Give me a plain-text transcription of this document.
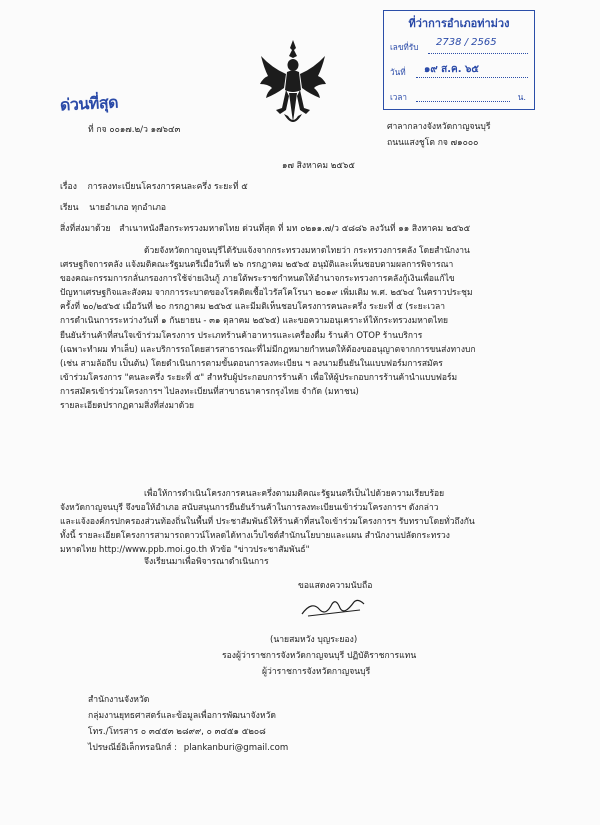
ที่ว่าการอำเภอท่าม่วง
เลขที่รับ 2738 / 2565
วันที่ ๑๙ ส.ค. ๖๕
เวลา	น.
ด่วนที่สุด
ที่ กจ ๐๐๑๗.๒/ว ๑๗๖๔๓	ศาลากลางจังหวัดกาญจนบุรี
ถนนแสงชูโต กจ ๗๑๐๐๐
๑๗ สิงหาคม ๒๕๖๕
เรื่อง การลงทะเบียนโครงการคนละครึ่ง ระยะที่ ๕
เรียน นายอำเภอ ทุกอำเภอ
สิ่งที่ส่งมาด้วย สำเนาหนังสือกระทรวงมหาดไทย ด่วนที่สุด ที่ มท ๐๒๑๑.๗/ว ๕๘๘๖ ลงวันที่ ๑๑ สิงหาคม ๒๕๖๕

ด้วยจังหวัดกาญจนบุรีได้รับแจ้งจากกระทรวงมหาดไทยว่า กระทรวงการคลัง โดยสำนักงาน

เศรษฐกิจการคลัง แจ้งมติคณะรัฐมนตรีเมื่อวันที่ ๒๖ กรกฎาคม ๒๕๖๕ อนุมัติและเห็นชอบตามผลการพิจารณา

ของคณะกรรมการกลั่นกรองการใช้จ่ายเงินกู้ ภายใต้พระราชกำหนดให้อำนาจกระทรวงการคลังกู้เงินเพื่อแก้ไข

ปัญหาเศรษฐกิจและสังคม จากการระบาดของโรคติดเชื้อไวรัสโคโรนา ๒๐๑๙ เพิ่มเติม พ.ศ. ๒๕๖๔ ในคราวประชุม

ครั้งที่ ๒๐/๒๕๖๕ เมื่อวันที่ ๒๐ กรกฎาคม ๒๕๖๕ และมีมติเห็นชอบโครงการคนละครึ่ง ระยะที่ ๕ (ระยะเวลา

การดำเนินการระหว่างวันที่ ๑ กันยายน - ๓๑ ตุลาคม ๒๕๖๕) และขอความอนุเคราะห์ให้กระทรวงมหาดไทย

ยืนยันร้านค้าที่สนใจเข้าร่วมโครงการ ประเภทร้านค้าอาหารและเครื่องดื่ม ร้านค้า OTOP ร้านบริการ

(เฉพาะทำผม ทำเล็บ) และบริการรถโดยสารสาธารณะที่ไม่มีกฎหมายกำหนดให้ต้องขออนุญาตจากการขนส่งทางบก

(เช่น สามล้อถีบ เป็นต้น) โดยดำเนินการตามขั้นตอนการลงทะเบียน ฯ ลงนามยืนยันในแบบฟอร์มการสมัคร

เข้าร่วมโครงการ "คนละครึ่ง ระยะที่ ๕" สำหรับผู้ประกอบการร้านค้า เพื่อให้ผู้ประกอบการร้านค้านำแบบฟอร์ม

การสมัครเข้าร่วมโครงการฯ ไปลงทะเบียนที่สาขาธนาคารกรุงไทย จำกัด (มหาชน)

รายละเอียดปรากฏตามสิ่งที่ส่งมาด้วย

เพื่อให้การดำเนินโครงการคนละครึ่งตามมติคณะรัฐมนตรีเป็นไปด้วยความเรียบร้อย

จังหวัดกาญจนบุรี จึงขอให้อำเภอ สนับสนุนการยืนยันร้านค้าในการลงทะเบียนเข้าร่วมโครงการฯ ดังกล่าว

และแจ้งองค์กรปกครองส่วนท้องถิ่นในพื้นที่ ประชาสัมพันธ์ให้ร้านค้าที่สนใจเข้าร่วมโครงการฯ รับทราบโดยทั่วถึงกัน

ทั้งนี้ รายละเอียดโครงการสามารถดาวน์โหลดได้ทางเว็บไซต์สำนักนโยบายและแผน สำนักงานปลัดกระทรวง

มหาดไทย http://www.ppb.moi.go.th หัวข้อ "ข่าวประชาสัมพันธ์"

จึงเรียนมาเพื่อพิจารณาดำเนินการ
ขอแสดงความนับถือ
(นายสมหวัง บุญระยอง)
รองผู้ว่าราชการจังหวัดกาญจนบุรี ปฏิบัติราชการแทน
ผู้ว่าราชการจังหวัดกาญจนบุรี
สำนักงานจังหวัด
กลุ่มงานยุทธศาสตร์และข้อมูลเพื่อการพัฒนาจังหวัด
โทร./โทรสาร ๐ ๓๔๕๓ ๒๘๙๙, ๐ ๓๔๕๑ ๕๒๐๘
ไปรษณีย์อิเล็กทรอนิกส์ : plankanburi@gmail.com
